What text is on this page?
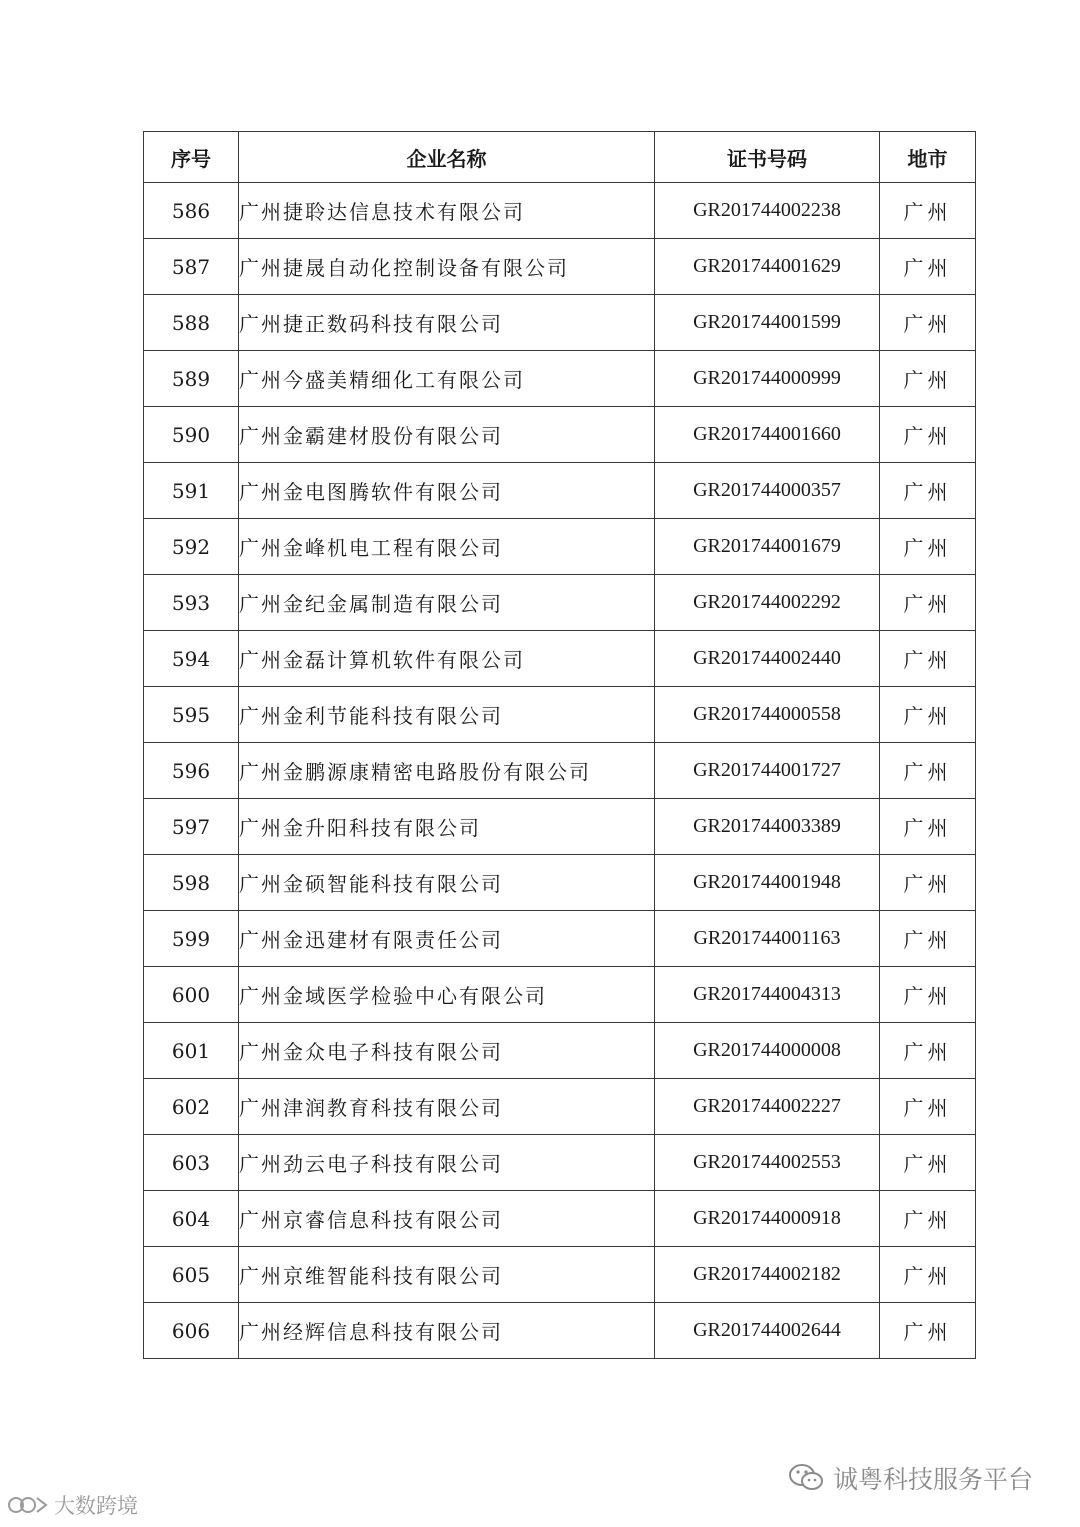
序号	企业名称	证书号码	地市
586	广州捷聆达信息技术有限公司	GR201744002238	广州
587	广州捷晟自动化控制设备有限公司	GR201744001629	广州
588	广州捷正数码科技有限公司	GR201744001599	广州
589	广州今盛美精细化工有限公司	GR201744000999	广州
590	广州金霸建材股份有限公司	GR201744001660	广州
591	广州金电图腾软件有限公司	GR201744000357	广州
592	广州金峰机电工程有限公司	GR201744001679	广州
593	广州金纪金属制造有限公司	GR201744002292	广州
594	广州金磊计算机软件有限公司	GR201744002440	广州
595	广州金利节能科技有限公司	GR201744000558	广州
596	广州金鹏源康精密电路股份有限公司	GR201744001727	广州
597	广州金升阳科技有限公司	GR201744003389	广州
598	广州金硕智能科技有限公司	GR201744001948	广州
599	广州金迅建材有限责任公司	GR201744001163	广州
600	广州金域医学检验中心有限公司	GR201744004313	广州
601	广州金众电子科技有限公司	GR201744000008	广州
602	广州津润教育科技有限公司	GR201744002227	广州
603	广州劲云电子科技有限公司	GR201744002553	广州
604	广州京睿信息科技有限公司	GR201744000918	广州
605	广州京维智能科技有限公司	GR201744002182	广州
606	广州经辉信息科技有限公司	GR201744002644	广州
大数跨境
诚粤科技服务平台
